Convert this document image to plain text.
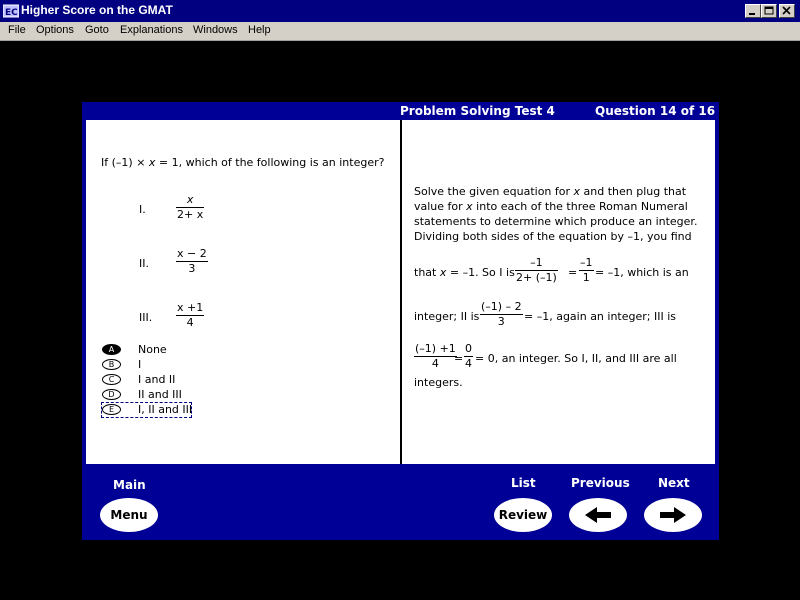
EC Higher Score on the GMAT
File Options Goto Explanations Windows Help
Problem Solving Test 4	Question 14 of 16
If (–1) × x = 1, which of the following is an integer?
I.
x
2+ x
II.
x − 2
3
III.
x +1
4
A	None
B	I
C	I and II
D	II and III
E	I, II and III
Solve the given equation for x and then plug that
value for x into each of the three Roman Numeral
statements to determine which produce an integer.
Dividing both sides of the equation by –1, you find
that x = –1. So I is
–1
2+ (–1) =
–1
1 = –1, which is an
integer; II is
(–1) – 2
3 = –1, again an integer; III is
(–1) +1
4 =
0
4 = 0, an integer. So I, II, and III are all
integers.
Main
Menu
List
Review
Previous Next
